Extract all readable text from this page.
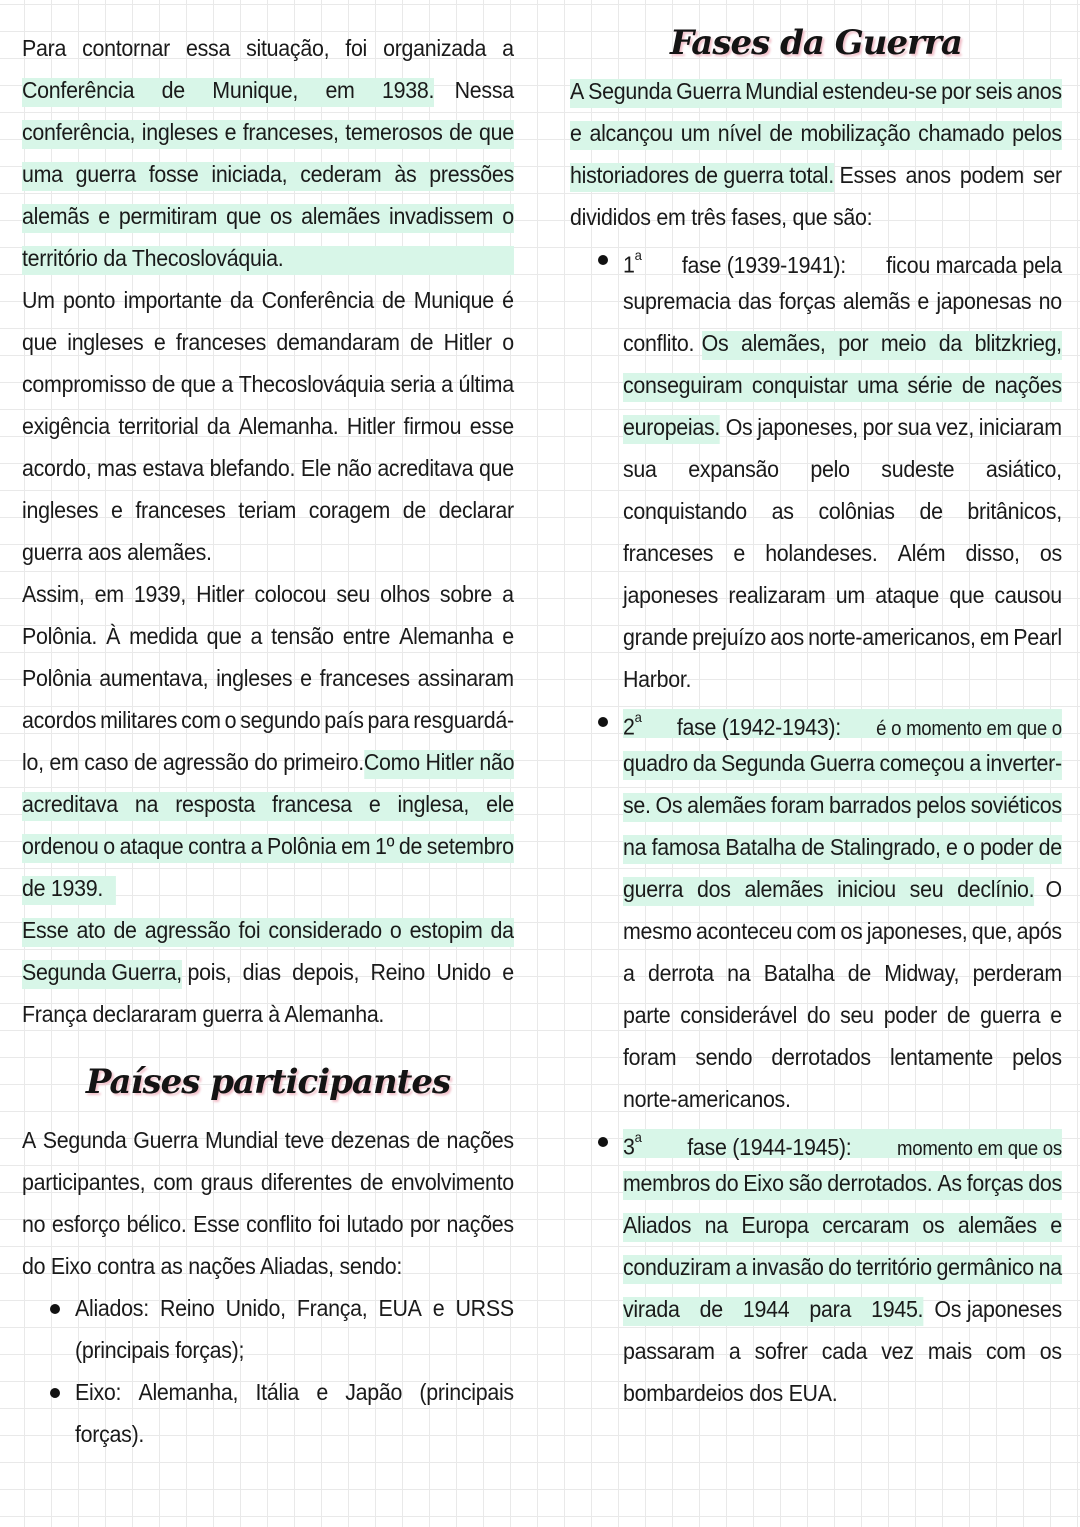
Para contornar essa situação, foi organizada a
Conferência de Munique, em 1938. Nessa
conferência, ingleses e franceses, temerosos de que
uma guerra fosse iniciada, cederam às pressões
alemãs e permitiram que os alemães invadissem o
território da Thecoslováquia.
Um ponto importante da Conferência de Munique é
que ingleses e franceses demandaram de Hitler o
compromisso de que a Thecoslováquia seria a última
exigência territorial da Alemanha. Hitler firmou esse
acordo, mas estava blefando. Ele não acreditava que
ingleses e franceses teriam coragem de declarar
guerra aos alemães.
Assim, em 1939, Hitler colocou seu olhos sobre a
Polônia. À medida que a tensão entre Alemanha e
Polônia aumentava, ingleses e franceses assinaram
acordos militares com o segundo país para resguardá-
lo, em caso de agressão do primeiro. Como Hitler não
acreditava na resposta francesa e inglesa, ele
ordenou o ataque contra a Polônia em 1º de setembro
de 1939.
Esse ato de agressão foi considerado o estopim da
Segunda Guerra, pois, dias depois, Reino Unido e
França declararam guerra à Alemanha.
Países participantes
A Segunda Guerra Mundial teve dezenas de nações
participantes, com graus diferentes de envolvimento
no esforço bélico. Esse conflito foi lutado por nações
do Eixo contra as nações Aliadas, sendo:
Aliados: Reino Unido, França, EUA e URSS
(principais forças);
Eixo: Alemanha, Itália e Japão (principais
forças).
Fases da Guerra
A Segunda Guerra Mundial estendeu-se por seis anos
e alcançou um nível de mobilização chamado pelos
historiadores de guerra total. Esses anos podem ser
divididos em três fases, que são:
1$^a$ fase (1939-1941): ficou marcada pela
supremacia das forças alemãs e japonesas no
conflito. Os alemães, por meio da blitzkrieg,
conseguiram conquistar uma série de nações
europeias. Os japoneses, por sua vez, iniciaram
sua expansão pelo sudeste asiático,
conquistando as colônias de britânicos,
franceses e holandeses. Além disso, os
japoneses realizaram um ataque que causou
grande prejuízo aos norte-americanos, em Pearl
Harbor.
2$^a$ fase (1942-1943): é o momento em que o
quadro da Segunda Guerra começou a inverter-
se. Os alemães foram barrados pelos soviéticos
na famosa Batalha de Stalingrado, e o poder de
guerra dos alemães iniciou seu declínio. O
mesmo aconteceu com os japoneses, que, após
a derrota na Batalha de Midway, perderam
parte considerável do seu poder de guerra e
foram sendo derrotados lentamente pelos
norte-americanos.
3$^a$ fase (1944-1945): momento em que os
membros do Eixo são derrotados. As forças dos
Aliados na Europa cercaram os alemães e
conduziram a invasão do território germânico na
virada de 1944 para 1945. Os japoneses
passaram a sofrer cada vez mais com os
bombardeios dos EUA.
